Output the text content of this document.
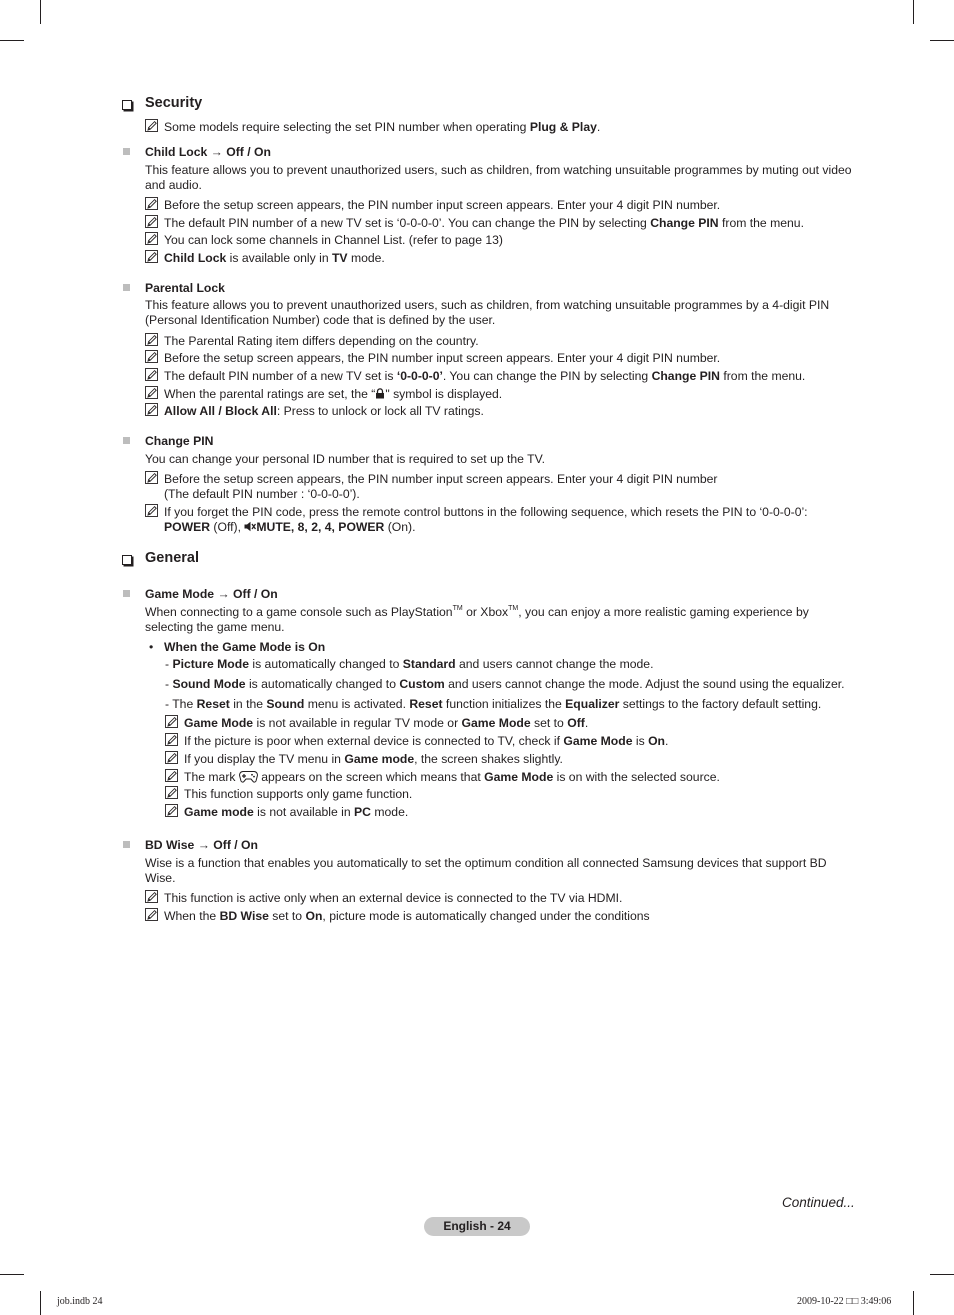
Security
Some models require selecting the set PIN number when operating Plug & Play.
Child Lock → Off / On
This feature allows you to prevent unauthorized users, such as children, from watching unsuitable programmes by muting out video and audio.
Before the setup screen appears, the PIN number input screen appears. Enter your 4 digit PIN number.
The default PIN number of a new TV set is ‘0-0-0-0’. You can change the PIN by selecting Change PIN from the menu.
You can lock some channels in Channel List. (refer to page 13)
Child Lock is available only in TV mode.
Parental Lock
This feature allows you to prevent unauthorized users, such as children, from watching unsuitable programmes by a 4-digit PIN (Personal Identification Number) code that is defined by the user.
The Parental Rating item differs depending on the country.
Before the setup screen appears, the PIN number input screen appears. Enter your 4 digit PIN number.
The default PIN number of a new TV set is ‘0-0-0-0’. You can change the PIN by selecting Change PIN from the menu.
When the parental ratings are set, the “ " symbol is displayed.
Allow All / Block All: Press to unlock or lock all TV ratings.
Change PIN
You can change your personal ID number that is required to set up the TV.
Before the setup screen appears, the PIN number input screen appears. Enter your 4 digit PIN number
(The default PIN number : ‘0-0-0-0’).
If you forget the PIN code, press the remote control buttons in the following sequence, which resets the PIN to ‘0-0-0-0’:
POWER (Off), MUTE, 8, 2, 4, POWER (On).
General
Game Mode → Off / On
When connecting to a game console such as PlayStation™ or Xbox™, you can enjoy a more realistic gaming experience by
selecting the game menu.
• When the Game Mode is On
- Picture Mode is automatically changed to Standard and users cannot change the mode.
- Sound Mode is automatically changed to Custom and users cannot change the mode. Adjust the sound using the equalizer.
- The Reset in the Sound menu is activated. Reset function initializes the Equalizer settings to the factory default setting.
Game Mode is not available in regular TV mode or Game Mode set to Off.
If the picture is poor when external device is connected to TV, check if Game Mode is On.
If you display the TV menu in Game mode, the screen shakes slightly.
The mark  appears on the screen which means that Game Mode is on with the selected source.
This function supports only game function.
Game mode is not available in PC mode.
BD Wise → Off / On
Wise is a function that enables you automatically to set the optimum condition all connected Samsung devices that support BD Wise.
This function is active only when an external device is connected to the TV via HDMI.
When the BD Wise set to On, picture mode is automatically changed under the conditions
Continued...
English - 24
job.indb 24	2009-10-22 □□ 3:49:06
